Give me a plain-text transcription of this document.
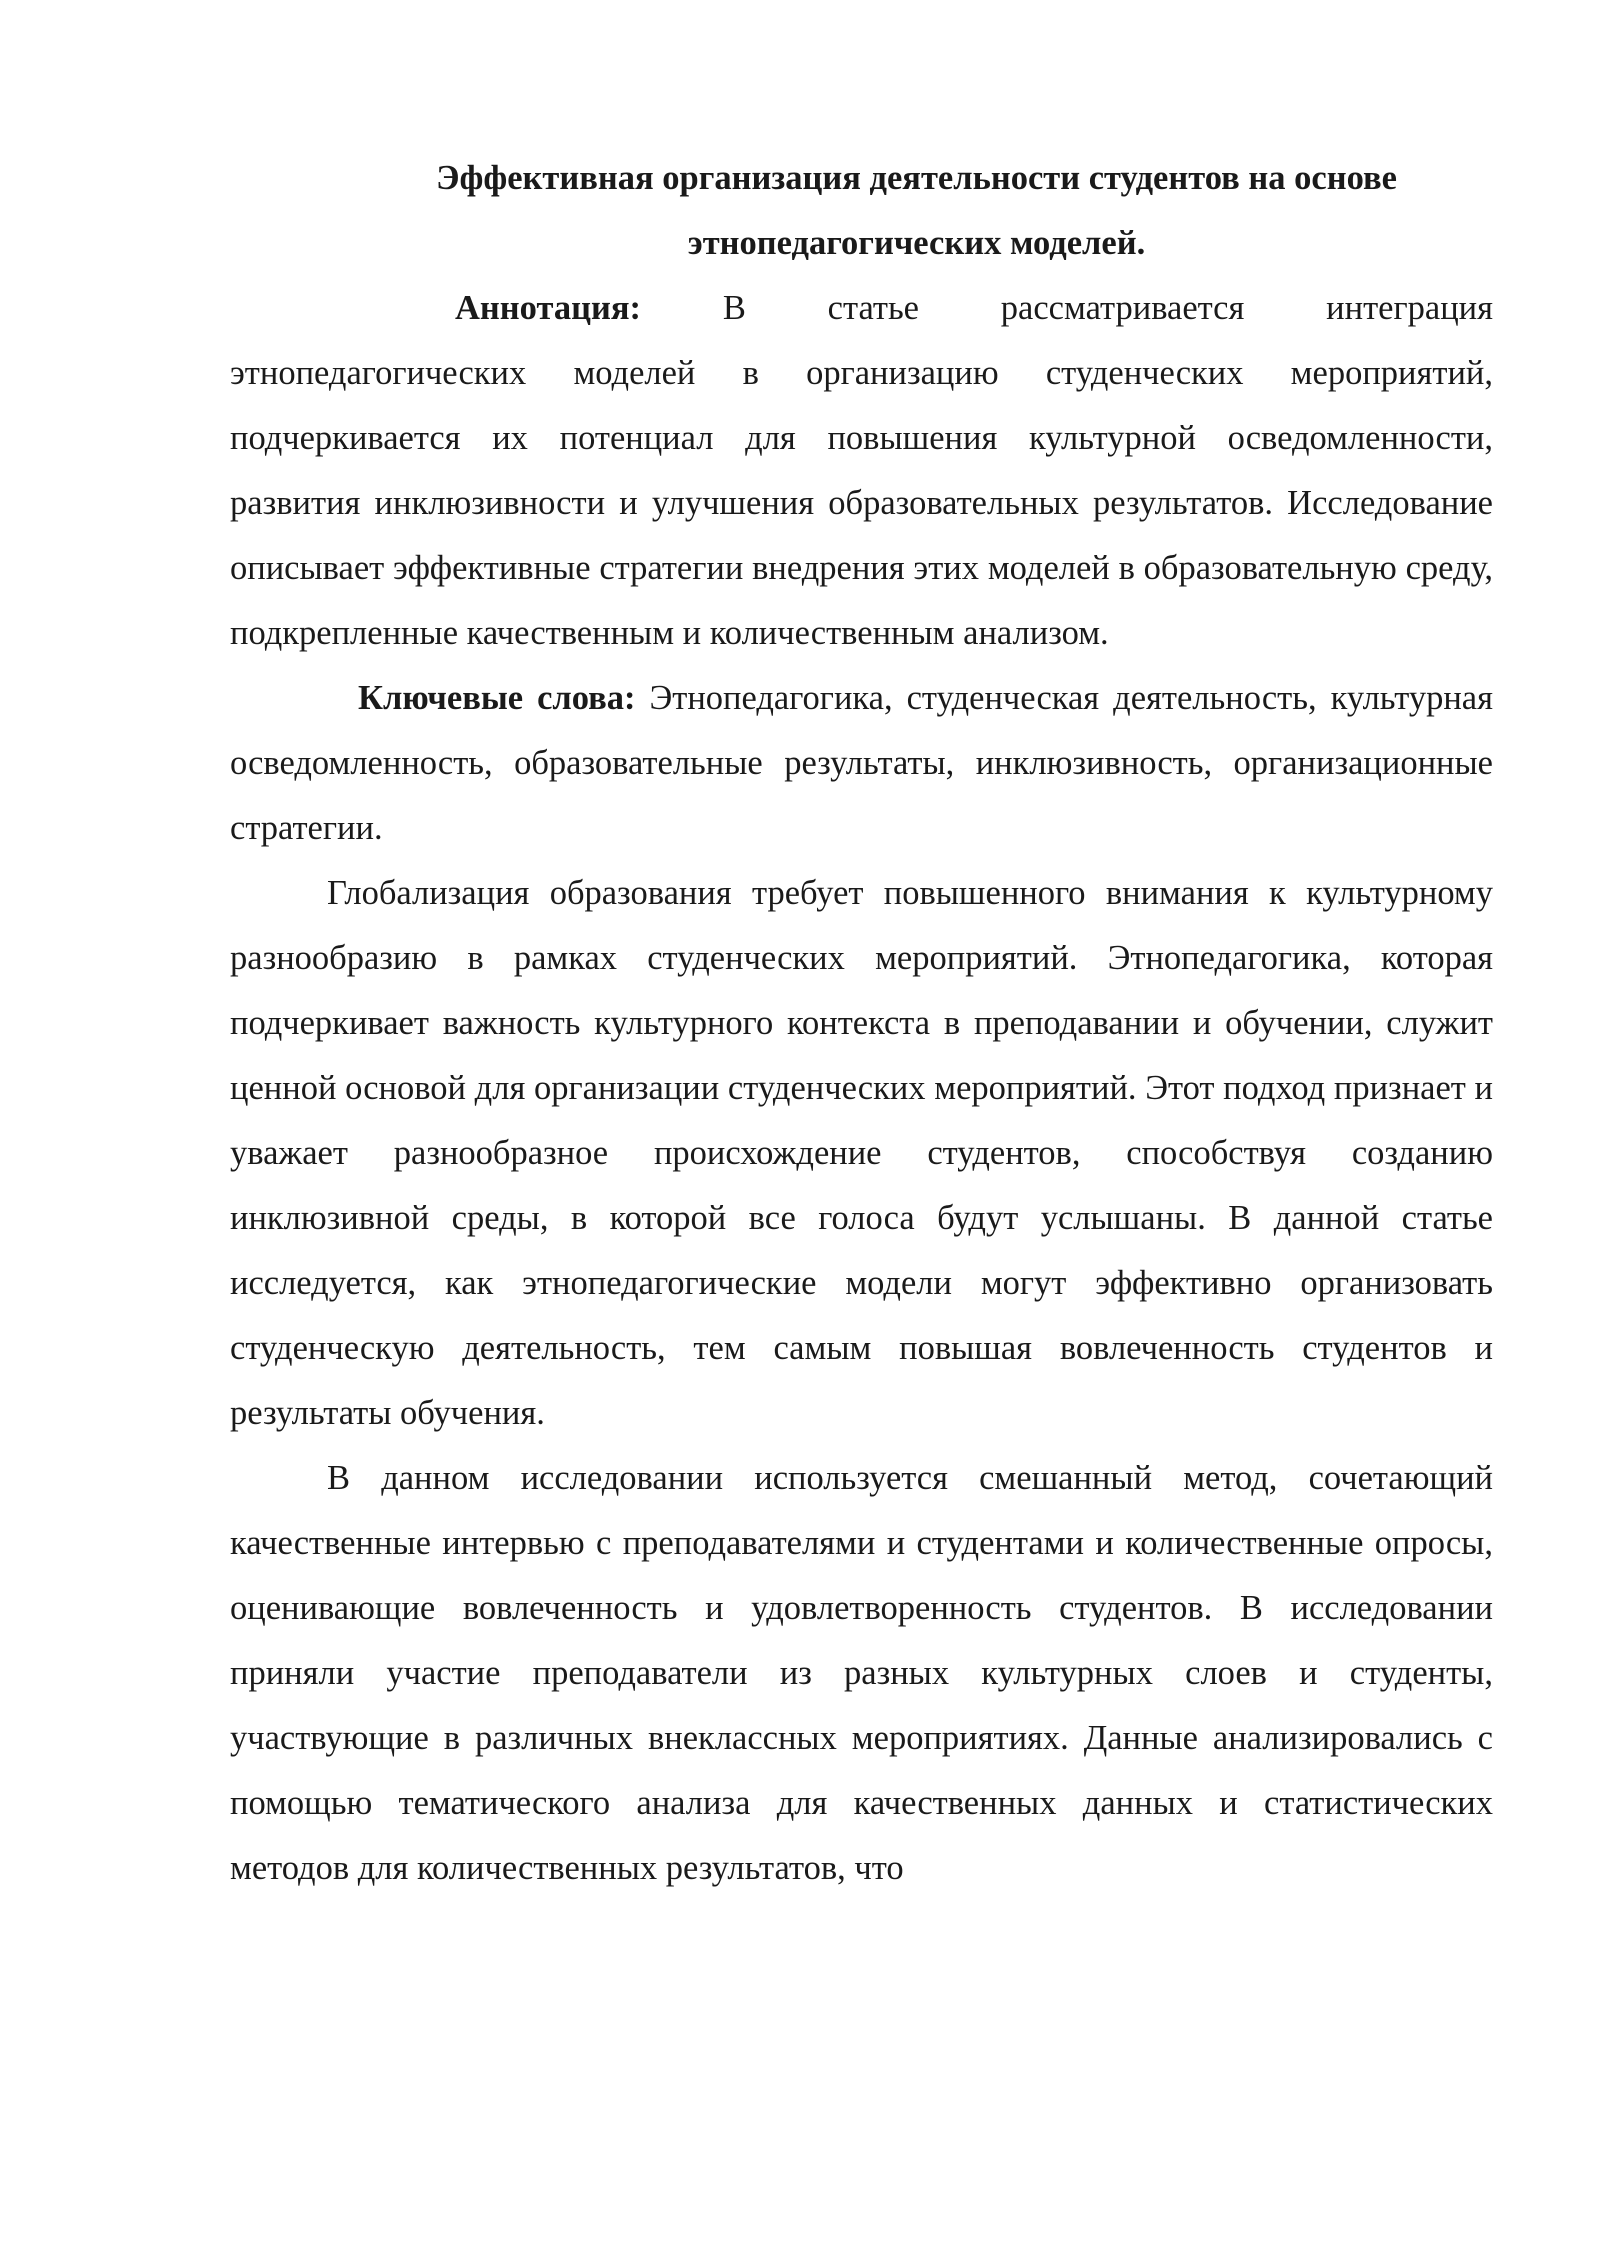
Эффективная организация деятельности студентов на основе
этнопедагогических моделей.

Аннотация: В статье рассматривается интеграция этнопедагогических моделей в организацию студенческих мероприятий, подчеркивается их потенциал для повышения культурной осведомленности, развития инклюзивности и улучшения образовательных результатов. Исследование описывает эффективные стратегии внедрения этих моделей в образовательную среду, подкрепленные качественным и количественным анализом.

Ключевые слова: Этнопедагогика, студенческая деятельность, культурная осведомленность, образовательные результаты, инклюзивность, организационные стратегии.

Глобализация образования требует повышенного внимания к культурному разнообразию в рамках студенческих мероприятий. Этнопедагогика, которая подчеркивает важность культурного контекста в преподавании и обучении, служит ценной основой для организации студенческих мероприятий. Этот подход признает и уважает разнообразное происхождение студентов, способствуя созданию инклюзивной среды, в которой все голоса будут услышаны. В данной статье исследуется, как этнопедагогические модели могут эффективно организовать студенческую деятельность, тем самым повышая вовлеченность студентов и результаты обучения.

В данном исследовании используется смешанный метод, сочетающий качественные интервью с преподавателями и студентами и количественные опросы, оценивающие вовлеченность и удовлетворенность студентов. В исследовании приняли участие преподаватели из разных культурных слоев и студенты, участвующие в различных внеклассных мероприятиях. Данные анализировались с помощью тематического анализа для качественных данных и статистических методов для количественных результатов, что
